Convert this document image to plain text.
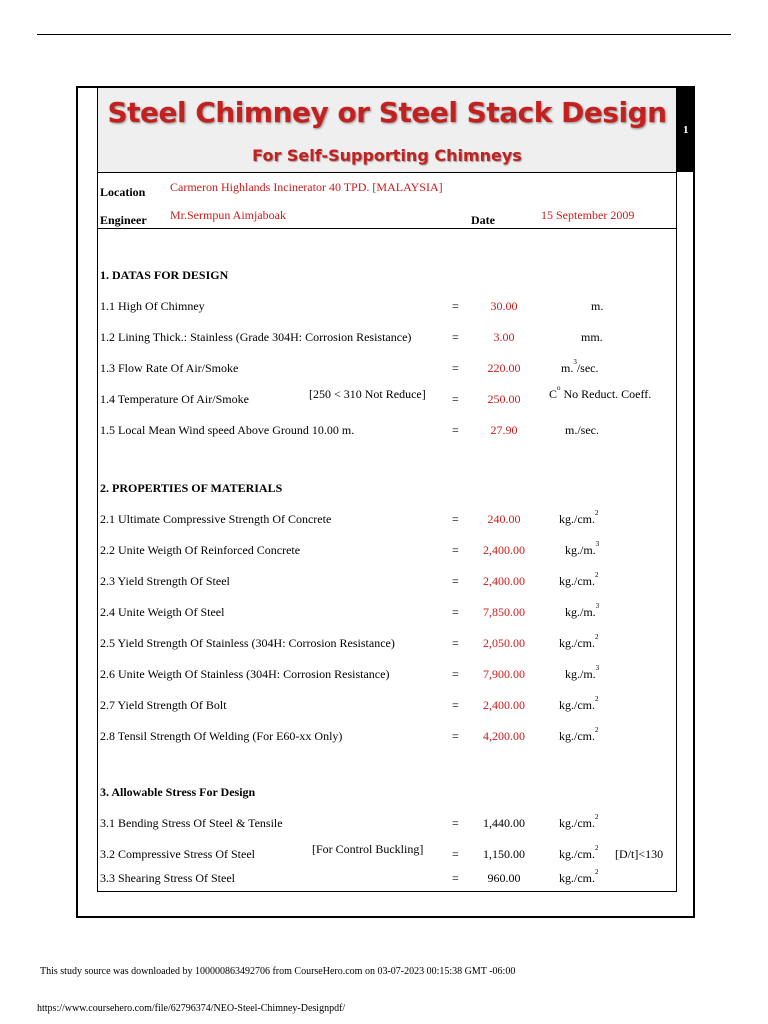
1
Steel Chimney or Steel Stack Design
For Self-Supporting Chimneys
Location Carmeron Highlands Incinerator 40 TPD. [MALAYSIA]
Engineer Mr.Sermpun Aimjaboak	Date	15 September 2009
1. DATAS FOR DESIGN
1.1 High Of Chimney	=	30.00	m.
1.2 Lining Thick.: Stainless (Grade 304H: Corrosion Resistance)	=	3.00	mm.
1.3 Flow Rate Of Air/Smoke	=	220.00	m.$^3$/sec.
[250 < 310 Not Reduce]
1.4 Temperature Of Air/Smoke	=	250.00	$C^o$ No Reduct. Coeff.
1.5 Local Mean Wind speed Above Ground 10.00 m.	=	27.90	m./sec.
2. PROPERTIES OF MATERIALS
2.1 Ultimate Compressive Strength Of Concrete	=	240.00	kg./cm.$^2$
2.2 Unite Weigth Of Reinforced Concrete	=	2,400.00	kg./m.$^3$
2.3 Yield Strength Of Steel	=	2,400.00	kg./cm.$^2$
2.4 Unite Weigth Of Steel	=	7,850.00	kg./m.$^3$
2.5 Yield Strength Of Stainless (304H: Corrosion Resistance)	=	2,050.00	kg./cm.$^2$
2.6 Unite Weigth Of Stainless (304H: Corrosion Resistance)	=	7,900.00	kg./m.$^3$
2.7 Yield Strength Of Bolt	=	2,400.00	kg./cm.$^2$
2.8 Tensil Strength Of Welding (For E60-xx Only)	=	4,200.00	kg./cm.$^2$
3. Allowable Stress For Design
3.1 Bending Stress Of Steel & Tensile	=	1,440.00	kg./cm.$^2$
[For Control Buckling]
3.2 Compressive Stress Of Steel	=	1,150.00	kg./cm.$^2$ [D/t]<130
3.3 Shearing Stress Of Steel	=	960.00	kg./cm.$^2$
This study source was downloaded by 100000863492706 from CourseHero.com on 03-07-2023 00:15:38 GMT -06:00
https://www.coursehero.com/file/62796374/NEO-Steel-Chimney-Designpdf/
